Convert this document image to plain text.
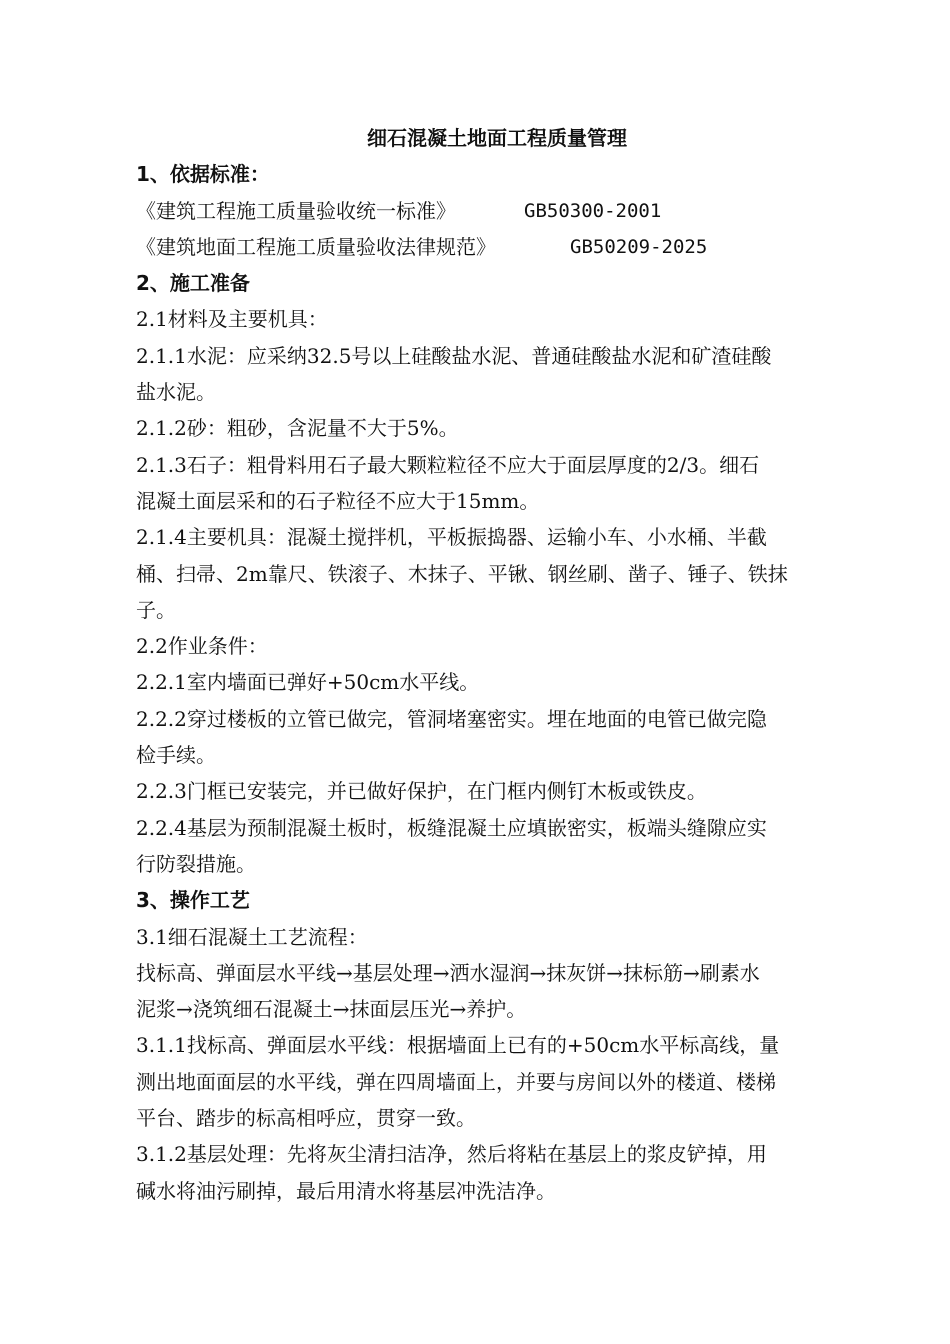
细石混凝土地面工程质量管理
1、依据标准：
《建筑工程施工质量验收统一标准》	GB50300-2001
《建筑地面工程施工质量验收法律规范》	GB50209-2025
2、施工准备
2.1材料及主要机具：
2.1.1水泥：应采纳32.5号以上硅酸盐水泥、普通硅酸盐水泥和矿渣硅酸
盐水泥。
2.1.2砂：粗砂，含泥量不大于5%。
2.1.3石子：粗骨料用石子最大颗粒粒径不应大于面层厚度的2/3。细石
混凝土面层采和的石子粒径不应大于15mm。
2.1.4主要机具：混凝土搅拌机，平板振捣器、运输小车、小水桶、半截
桶、扫帚、2m靠尺、铁滚子、木抹子、平锹、钢丝刷、凿子、锤子、铁抹
子。
2.2作业条件：
2.2.1室内墙面已弹好+50cm水平线。
2.2.2穿过楼板的立管已做完，管洞堵塞密实。埋在地面的电管已做完隐
检手续。
2.2.3门框已安装完，并已做好保护，在门框内侧钉木板或铁皮。
2.2.4基层为预制混凝土板时，板缝混凝土应填嵌密实，板端头缝隙应实
行防裂措施。
3、操作工艺
3.1细石混凝土工艺流程：
找标高、弹面层水平线→基层处理→洒水湿润→抹灰饼→抹标筋→刷素水
泥浆→浇筑细石混凝土→抹面层压光→养护。
3.1.1找标高、弹面层水平线：根据墙面上已有的+50cm水平标高线，量
测出地面面层的水平线，弹在四周墙面上，并要与房间以外的楼道、楼梯
平台、踏步的标高相呼应，贯穿一致。
3.1.2基层处理：先将灰尘清扫洁净，然后将粘在基层上的浆皮铲掉，用
碱水将油污刷掉，最后用清水将基层冲洗洁净。
